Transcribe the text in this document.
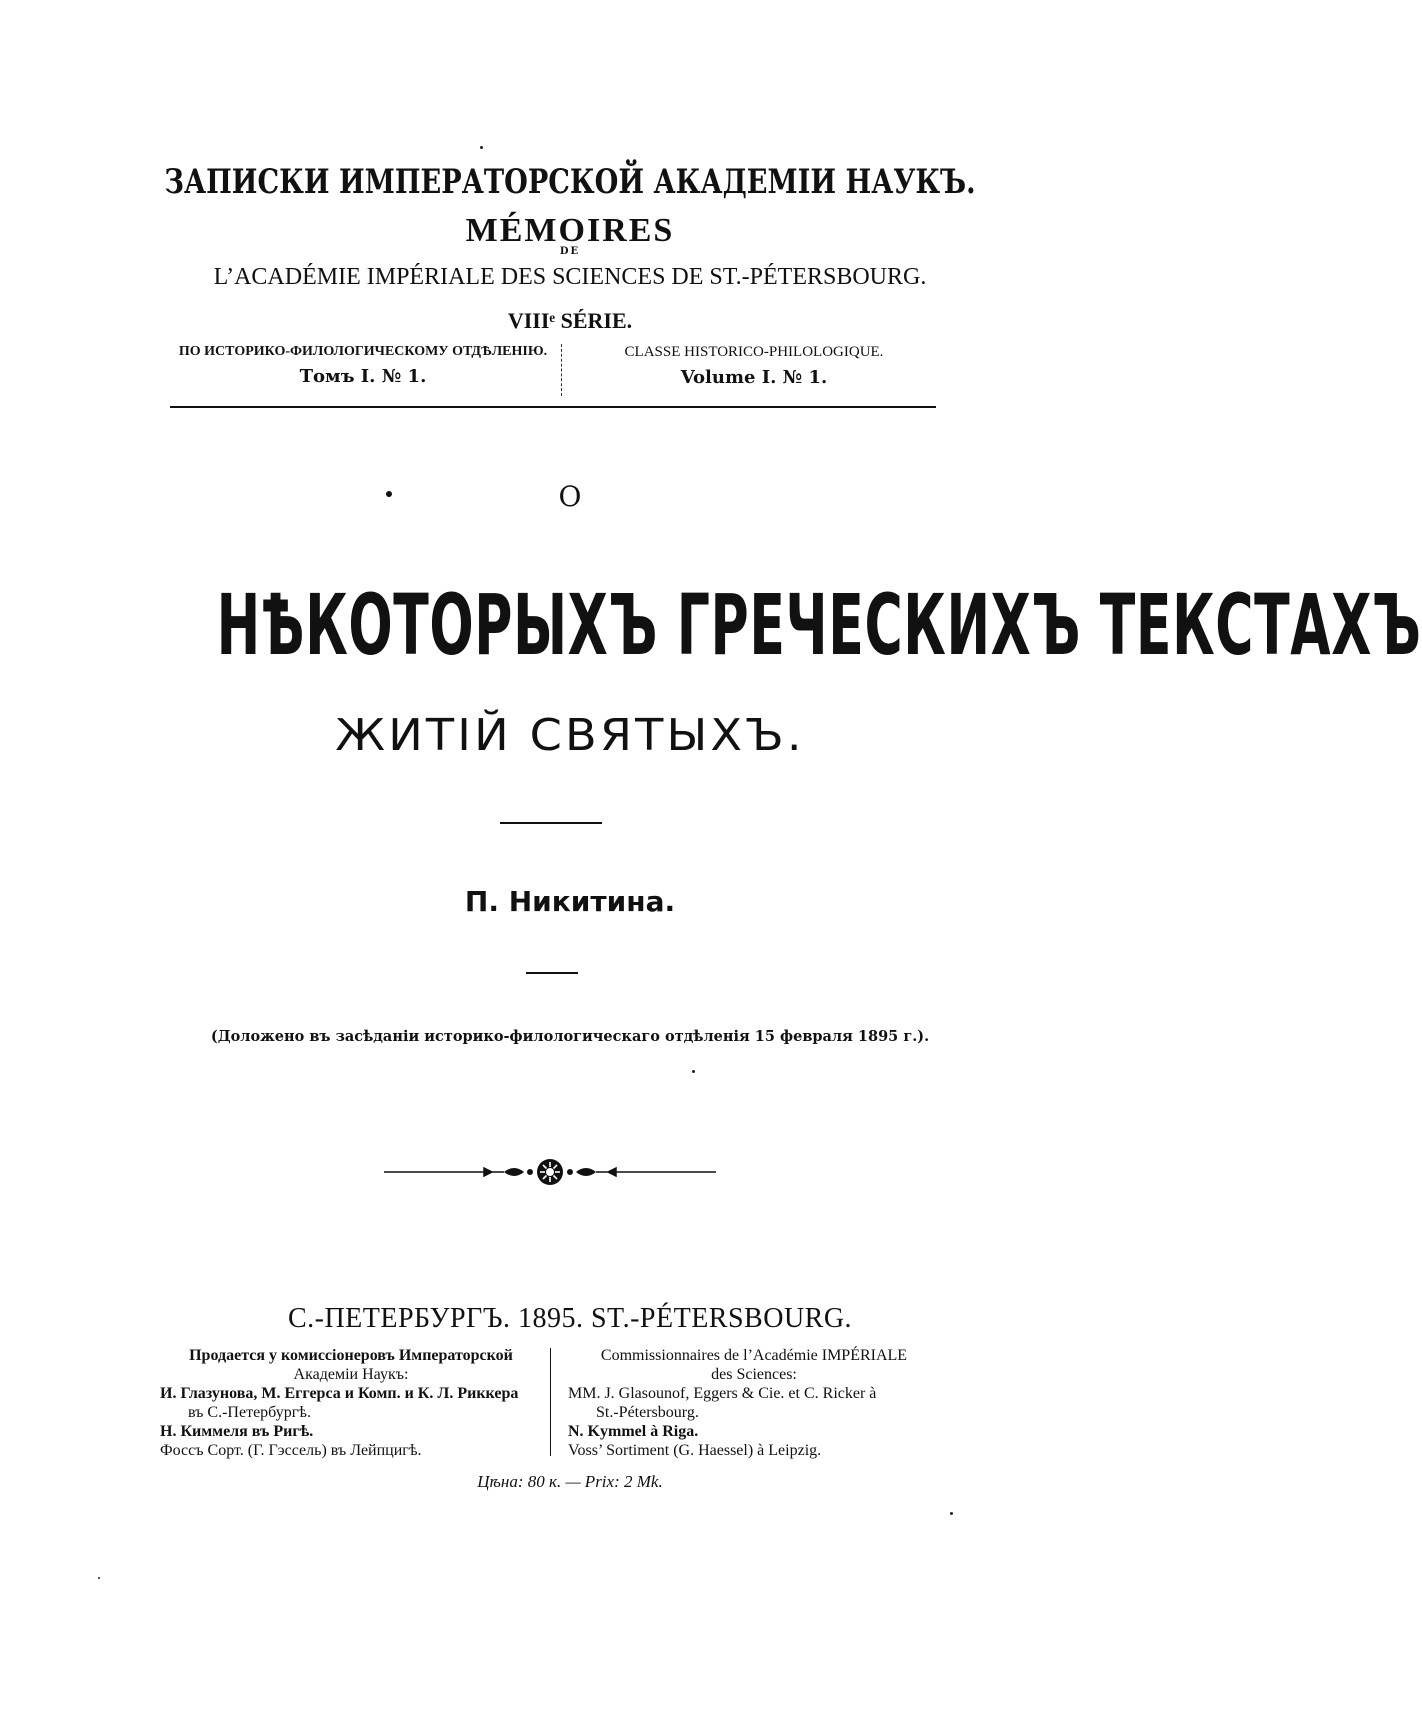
ЗАПИСКИ ИМПЕРАТОРСКОЙ АКАДЕМІИ НАУКЪ.
MÉMOIRES
DE
L’ACADÉMIE IMPÉRIALE DES SCIENCES DE ST.-PÉTERSBOURG.
VIIIᵉ SÉRIE.
ПО ИСТОРИКО-ФИЛОЛОГИЧЕСКОМУ ОТДѢЛЕНІЮ.
Томъ I. № 1.
CLASSE HISTORICO-PHILOLOGIQUE.
Volume I. № 1.
О
НѢКОТОРЫХЪ ГРЕЧЕСКИХЪ ТЕКСТАХЪ
ЖИТІЙ СВЯТЫХЪ.
П. Никитина.
(Доложено въ засѣданіи историко-филологическаго отдѣленія 15 февраля 1895 г.).
С.-ПЕТЕРБУРГЪ. 1895. ST.-PÉTERSBOURG.
Продается у комиссіонеровъ Императорской
Академіи Наукъ:
И. Глазунова, М. Еггерса и Комп. и К. Л. Риккера
въ С.-Петербургѣ.
Н. Киммеля въ Ригѣ.
Фоссъ Сорт. (Г. Гэссель) въ Лейпцигѣ.
Commissionnaires de l’Académie IMPÉRIALE
des Sciences:
MM. J. Glasounof, Eggers & Cie. et C. Ricker à
St.-Pétersbourg.
N. Kymmel à Riga.
Voss’ Sortiment (G. Haessel) à Leipzig.
Цѣна: 80 к. — Prix: 2 Mk.
